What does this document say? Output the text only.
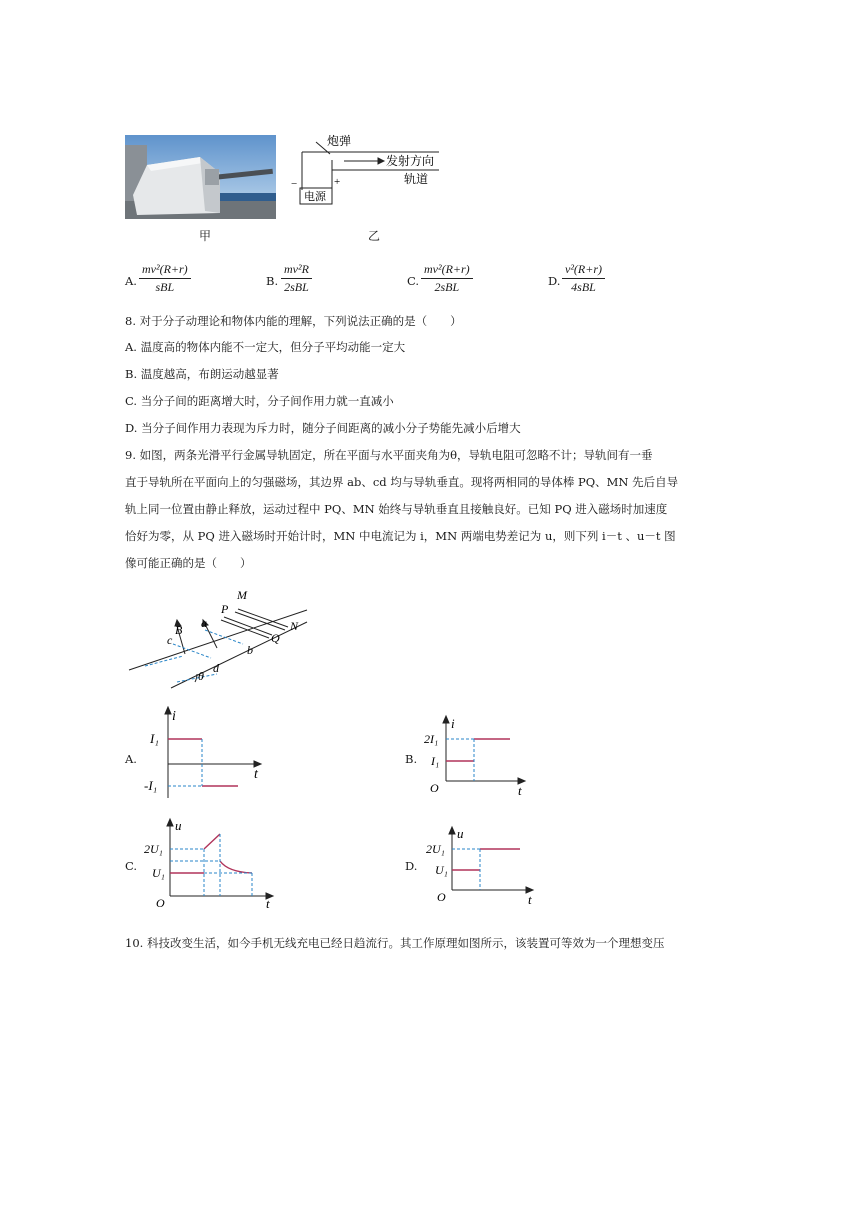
甲
炮弹
发射方向
轨道
电源
−	+
乙
A.
mv²(R+r)
sBL	B.
mv²R
2sBL	C.
mv²(R+r)
2sBL	D.
v²(R+r)
4sBL
8. 对于分子动理论和物体内能的理解，下列说法正确的是（　　）
A. 温度高的物体内能不一定大，但分子平均动能一定大
B. 温度越高，布朗运动越显著
C. 当分子间的距离增大时，分子间作用力就一直减小
D. 当分子间作用力表现为斥力时，随分子间距离的减小分子势能先减小后增大
9. 如图，两条光滑平行金属导轨固定，所在平面与水平面夹角为θ，导轨电阻可忽略不计；导轨间有一垂
直于导轨所在平面向上的匀强磁场，其边界 ab、cd 均与导轨垂直。现将两相同的导体棒 PQ、MN 先后自导
轨上同一位置由静止释放，运动过程中 PQ、MN 始终与导轨垂直且接触良好。已知 PQ 进入磁场时加速度
恰好为零，从 PQ 进入磁场时开始计时，MN 中电流记为 i，MN 两端电势差记为 u，则下列 i－t 、u－t 图
像可能正确的是（　　）
M
N
P
Q
B a
b
c
d
θ
A.
i
t
I₁
-I₁
B.
i
t
2I₁
I₁
O
C.
u
t
2U₁
U₁
O
D.
u
t
2U₁
U₁
O
10. 科技改变生活，如今手机无线充电已经日趋流行。其工作原理如图所示，该装置可等效为一个理想变压
